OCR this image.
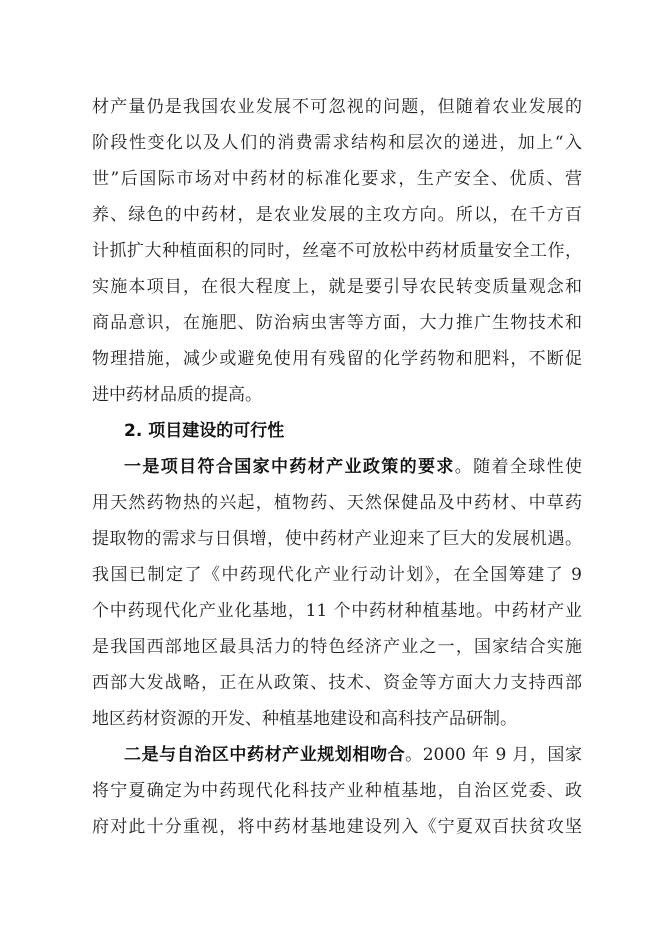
材产量仍是我国农业发展不可忽视的问题，但随着农业发展的
阶段性变化以及人们的消费需求结构和层次的递进，加上“入
世”后国际市场对中药材的标准化要求，生产安全、优质、营
养、绿色的中药材，是农业发展的主攻方向。所以，在千方百
计抓扩大种植面积的同时，丝毫不可放松中药材质量安全工作，
实施本项目，在很大程度上，就是要引导农民转变质量观念和
商品意识，在施肥、防治病虫害等方面，大力推广生物技术和
物理措施，减少或避免使用有残留的化学药物和肥料，不断促
进中药材品质的提高。
2. 项目建设的可行性
一是项目符合国家中药材产业政策的要求。随着全球性使
用天然药物热的兴起，植物药、天然保健品及中药材、中草药
提取物的需求与日俱增，使中药材产业迎来了巨大的发展机遇。
我国已制定了《中药现代化产业行动计划》，在全国筹建了 9
个中药现代化产业化基地，11 个中药材种植基地。中药材产业
是我国西部地区最具活力的特色经济产业之一，国家结合实施
西部大发战略，正在从政策、技术、资金等方面大力支持西部
地区药材资源的开发、种植基地建设和高科技产品研制。
二是与自治区中药材产业规划相吻合。2000 年 9 月，国家
将宁夏确定为中药现代化科技产业种植基地，自治区党委、政
府对此十分重视，将中药材基地建设列入《宁夏双百扶贫攻坚
